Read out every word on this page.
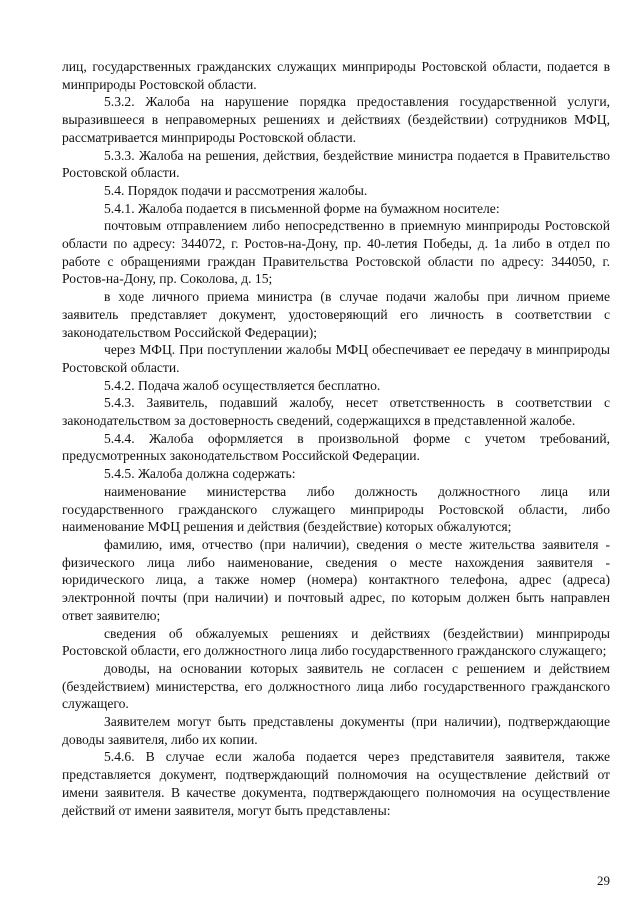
лиц, государственных гражданских служащих минприроды Ростовской области, подается в минприроды Ростовской области.

5.3.2. Жалоба на нарушение порядка предоставления государственной услуги, выразившееся в неправомерных решениях и действиях (бездействии) сотрудников МФЦ, рассматривается минприроды Ростовской области.

5.3.3. Жалоба на решения, действия, бездействие министра подается в Правительство Ростовской области.

5.4. Порядок подачи и рассмотрения жалобы.

5.4.1. Жалоба подается в письменной форме на бумажном носителе:

почтовым отправлением либо непосредственно в приемную минприроды Ростовской области по адресу: 344072, г. Ростов-на-Дону, пр. 40-летия Победы, д. 1а либо в отдел по работе с обращениями граждан Правительства Ростовской области по адресу: 344050, г. Ростов-на-Дону, пр. Соколова, д. 15;

в ходе личного приема министра (в случае подачи жалобы при личном приеме заявитель представляет документ, удостоверяющий его личность в соответствии с законодательством Российской Федерации);

через МФЦ. При поступлении жалобы МФЦ обеспечивает ее передачу в минприроды Ростовской области.

5.4.2. Подача жалоб осуществляется бесплатно.

5.4.3. Заявитель, подавший жалобу, несет ответственность в соответствии с законодательством за достоверность сведений, содержащихся в представленной жалобе.

5.4.4. Жалоба оформляется в произвольной форме с учетом требований, предусмотренных законодательством Российской Федерации.

5.4.5. Жалоба должна содержать:

наименование министерства либо должность должностного лица или государственного гражданского служащего минприроды Ростовской области, либо наименование МФЦ решения и действия (бездействие) которых обжалуются;

фамилию, имя, отчество (при наличии), сведения о месте жительства заявителя - физического лица либо наименование, сведения о месте нахождения заявителя - юридического лица, а также номер (номера) контактного телефона, адрес (адреса) электронной почты (при наличии) и почтовый адрес, по которым должен быть направлен ответ заявителю;

сведения об обжалуемых решениях и действиях (бездействии) минприроды Ростовской области, его должностного лица либо государственного гражданского служащего;

доводы, на основании которых заявитель не согласен с решением и действием (бездействием) министерства, его должностного лица либо государственного гражданского служащего.

Заявителем могут быть представлены документы (при наличии), подтверждающие доводы заявителя, либо их копии.

5.4.6. В случае если жалоба подается через представителя заявителя, также представляется документ, подтверждающий полномочия на осуществление действий от имени заявителя. В качестве документа, подтверждающего полномочия на осуществление действий от имени заявителя, могут быть представлены:

29
